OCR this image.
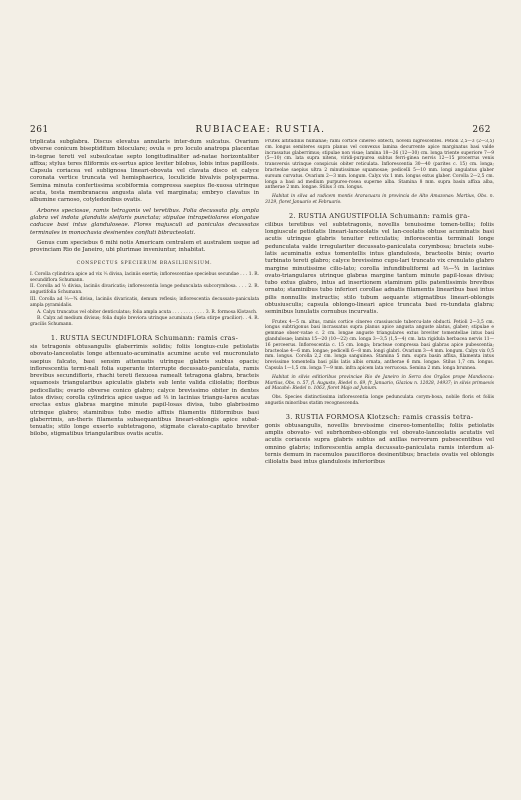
261	RUBIACEAE: RUSTIA.	262

triplicata subglabra. Discus elevatus annularis inter-dum sulcatus. Ovarium obverse conicum biseptiditum biloculare; ovula ∞ pro loculo anatropa placentae in-tegrae tereti vel subsulcatae septo longitudinaliter ad-natae horizontaliter affixa; stylus teres filiformis ex-sertus apice leviter bilobus, lobis intus papillosis. Capsula coriacea vel sublignosa lineari-obovata vel clavata disco et calyce coronata vertice truncata vel hemisphaerica, loculicide bivalvis polysperma. Semina minuta confertissima scobiformia compressa saepius fle-xuosa utrinque acuta, testa membranacea angusta alata vel marginata; embryo clavatus in albumine carnoso, cotyledonibus ovatis.

Arbores speciosae, ramis tetragonis vel teretibus. Folia decussata ply. ampla glabra vel indota glandulis sleifaris punctata; stipulae intrapetiolares elongatae caducae basi intus glanduloseae. Flores majusculi ad paniculas decussatas terminales in monochasia desinentes confluti bibracteolati.

Genus cum speciebus 6 mihi notis Americam centralem et australem usque ad provinciam Rio de Janeiro, ubi plurimae inveniuntur, inhabitat.

CONSPECTUS SPECIERUM BRASILIENSIUM.

I. Corolla cylindrica apice ad vix ⅓ divisa, laciniis exertis; inflorescentiae speciebus secundae . . . 1. R. secundiflora Schumann.

II. Corolla ad ⅓ divisa, laciniis divaricatis; inflorescentia longe pedunculata subcorymbosa. . . . 2. R. angustifolia Schumann.

III. Corolla ad ⅔—¾ divisa, laciniis divaricatis, demum reflexis; inflorescentia decussato-paniculata ampla pyramidalis.

A. Calyx truncatus vel obiter denticulatus; folia ampla acuta . . . . . . . . . . . . 3. R. formosa Klotzsch.

B. Calyx ad medium divisus; folia duplo breviora utrinque acuminata (Seta stirpe gracilior). . 4. R. gracilis Schumann.

1. RUSTIA SECUNDIFLORA Schumann: ramis cras-

sis tetragonis obtusangulis glaberrimis solidis; foliis longius-cule petiolatis obovato-lanceolatis longe attenuato-acuminatis acumine acute vel mucronulato saepius falcato, basi sensim attenuatis utrinque glabris subtus opacis; inflorescentia termi-nali folia superante interrupte decussato-paniculata, ramis brevibus secundifloris, rhachi tereti flexuosa ramealt tetragona glabra, bracteis squamosis triangularibus apiculatis glabris sub lente valida ciliolatis; floribus pedicellatis; ovario obverse conico glabro; calyce brevissimo obiter in dentes latos diviso; corolla cylindrica apice usque ad ⅓ in lacinias triangu-lares acutas erectas extus glabras margine minute papil-losas divisa, tubo glabrissimo utrinque glabro; staminibus tubo medio affixis filamentis filiformibus basi glaberrimis, an-theris filamenta subaequantibus lineari-oblongis apice subat-tenuatis; stilo longe exserto subtetragono, stigmate clavato-capitato breviter bilobo, stigmatibus triangularibus ovatis acutis.

Frutex altitudinis humanae; rami cortice cinereo obtecti, novelli nigrescentes. Petioli 2,5—3 (2—3,5) cm. longus semiteres supra planus vel convexus lamina decurrente apice marginatus basi valde incrassatus glaberrimus; stipulae non visae; lamina 18—26 (12—30) cm. longa triente superiore 7—9 (5—10) cm. lata supra nitens, viridi-purpurea subtus ferri-ginea nervis 12—15 procerrus venis transversis utrinque conspicuis obiter reticulata. Inflorescentia 30—40 (parites c. 15) cm. longa; bracteolae saepius ultra 2 minutissimae squamosae; pedicelli 5—10 mm. longi angulatus glaber sursum curvatus. Ovarium 2—3 mm. longum. Calyx vix 1 mm. longus extus glaber. Corolla 2—2,5 cm. longa a basi ad medium purpureo-rosea superne alba. Stamina 8 mm. supra basin affixa alba, antherae 2 mm. longae. Stilus 3 cm. longus.

Habitat in silva ad radicem montis Araracuara in provincia de Alto Amazonas: Martius, Obs. n. 3129, floret Januario et Februario.

2. RUSTIA ANGUSTIFOLIA Schumann: ramis gra-

cilibus teretibus vel subtetragonis, novellis tenuissime tomen-tellis; foliis longiuscule petiolatis lineari-lanceolatis vel lan-ceolatis obtuse acuminatis basi acutis utrinque glabris tenuiter reticulatis; inflorescentia terminali longe pedunculata valde irregulariter decussato-paniculata corymbosa; bracteis sube-latis acuminatis extus tomentellis intus glandulosis, bracteolis binis; ovario turbinato tereti glabro; calyce brevissimo cupu-lari truncato vix crenulato glabro margine minutissime cilio-lato; corolla infundibuliformi ad ⅔—¾ in lacinias ovato-triangulares utrinque glabras margine tantum minute papil-losas divisa; tubo extus glabro, intus ad insertionem staminum pilis patentissimis brevibus ornato; staminibus tubo inferiori corollae adnatis filamentis linearibus basi intus pilis nonnullis instructis; stilo tubum aequante stigmatibus lineari-oblongis obtusiusculis; capsula oblongo-lineari apice truncata basi ro-tundata glabra; seminibus lunulatis cornubus incurvatis.

Frutex 4—5 m. altus, ramis cortice cinereo crassiuscule tubercu-late obducti. Petioli 2—3,5 cm. longus subtrigonus basi incrassatus supra planus apice angusta anguste alatus, glaber; stipulae e gemmae obser-vatae c. 2 cm. longae anguste triangulares extus breviter tomentellae intus basi glandulosae; lamina 15—20 (10—22) cm. longa 3—3,5 (1,5—4) cm. lata rigidula herbacea nervis 11—16 perceerus. Inflorescentia c. 15 cm. longa; bracteae compressa basi glabras apice pubescentia; bracteolae 4—6 mm. longae; pedicelli 6—8 mm. longi glabri. Ovarium 3—4 mm. longum. Calyx vix 0,5 mm. longus. Corolla 2,2 cm. longa sanguinea. Stamina 5 mm. supra basin affixa, filamenta intus brevissime tomentella basi pilis latis albis ornata, antherae 6 mm. longae. Stilus 1,7 cm. longus. Capsula 1—1,5 cm. longa 7—9 mm. infra apicem lata verrucosa. Semina 2 mm. longa brunnea.

Habitat in silvis editioribus provinciae Rio de Janeiro in Serra dos Orgãos prope Mandiocca: Martius, Obs. n. 57, fl. Augusto, Riedel n. 69, fr. Januario, Glaziou n. 12028, 14937; in silvis primaevis ad Macahé: Riedel n. 1063, floret Majo ad Junium.

Obs. Species distinctissima inflorescentia longe pedunculata corym-bosa, nobile floris et foliis angustis minoribus statim recognoscenda.

3. RUSTIA FORMOSA Klotzsch: ramis crassis tetra-

gonis obtusangulis, novellis brevissime cinereo-tomentellis; foliis petiolatis amplis obovato- vel subrhombeo-oblongis vel obovato-lanceolatis acutatis vel acutis coriaceis supra glabris subtus ad axillas nervorum pubescentibus vel omnino glabris; inflorescentia ampla decussato-paniculata ramis interdum al-ternis demum in racemulos paucifloros desinentibus; bracteis ovatis vel oblongis ciliolatis basi intus glandulosis inferioribus
